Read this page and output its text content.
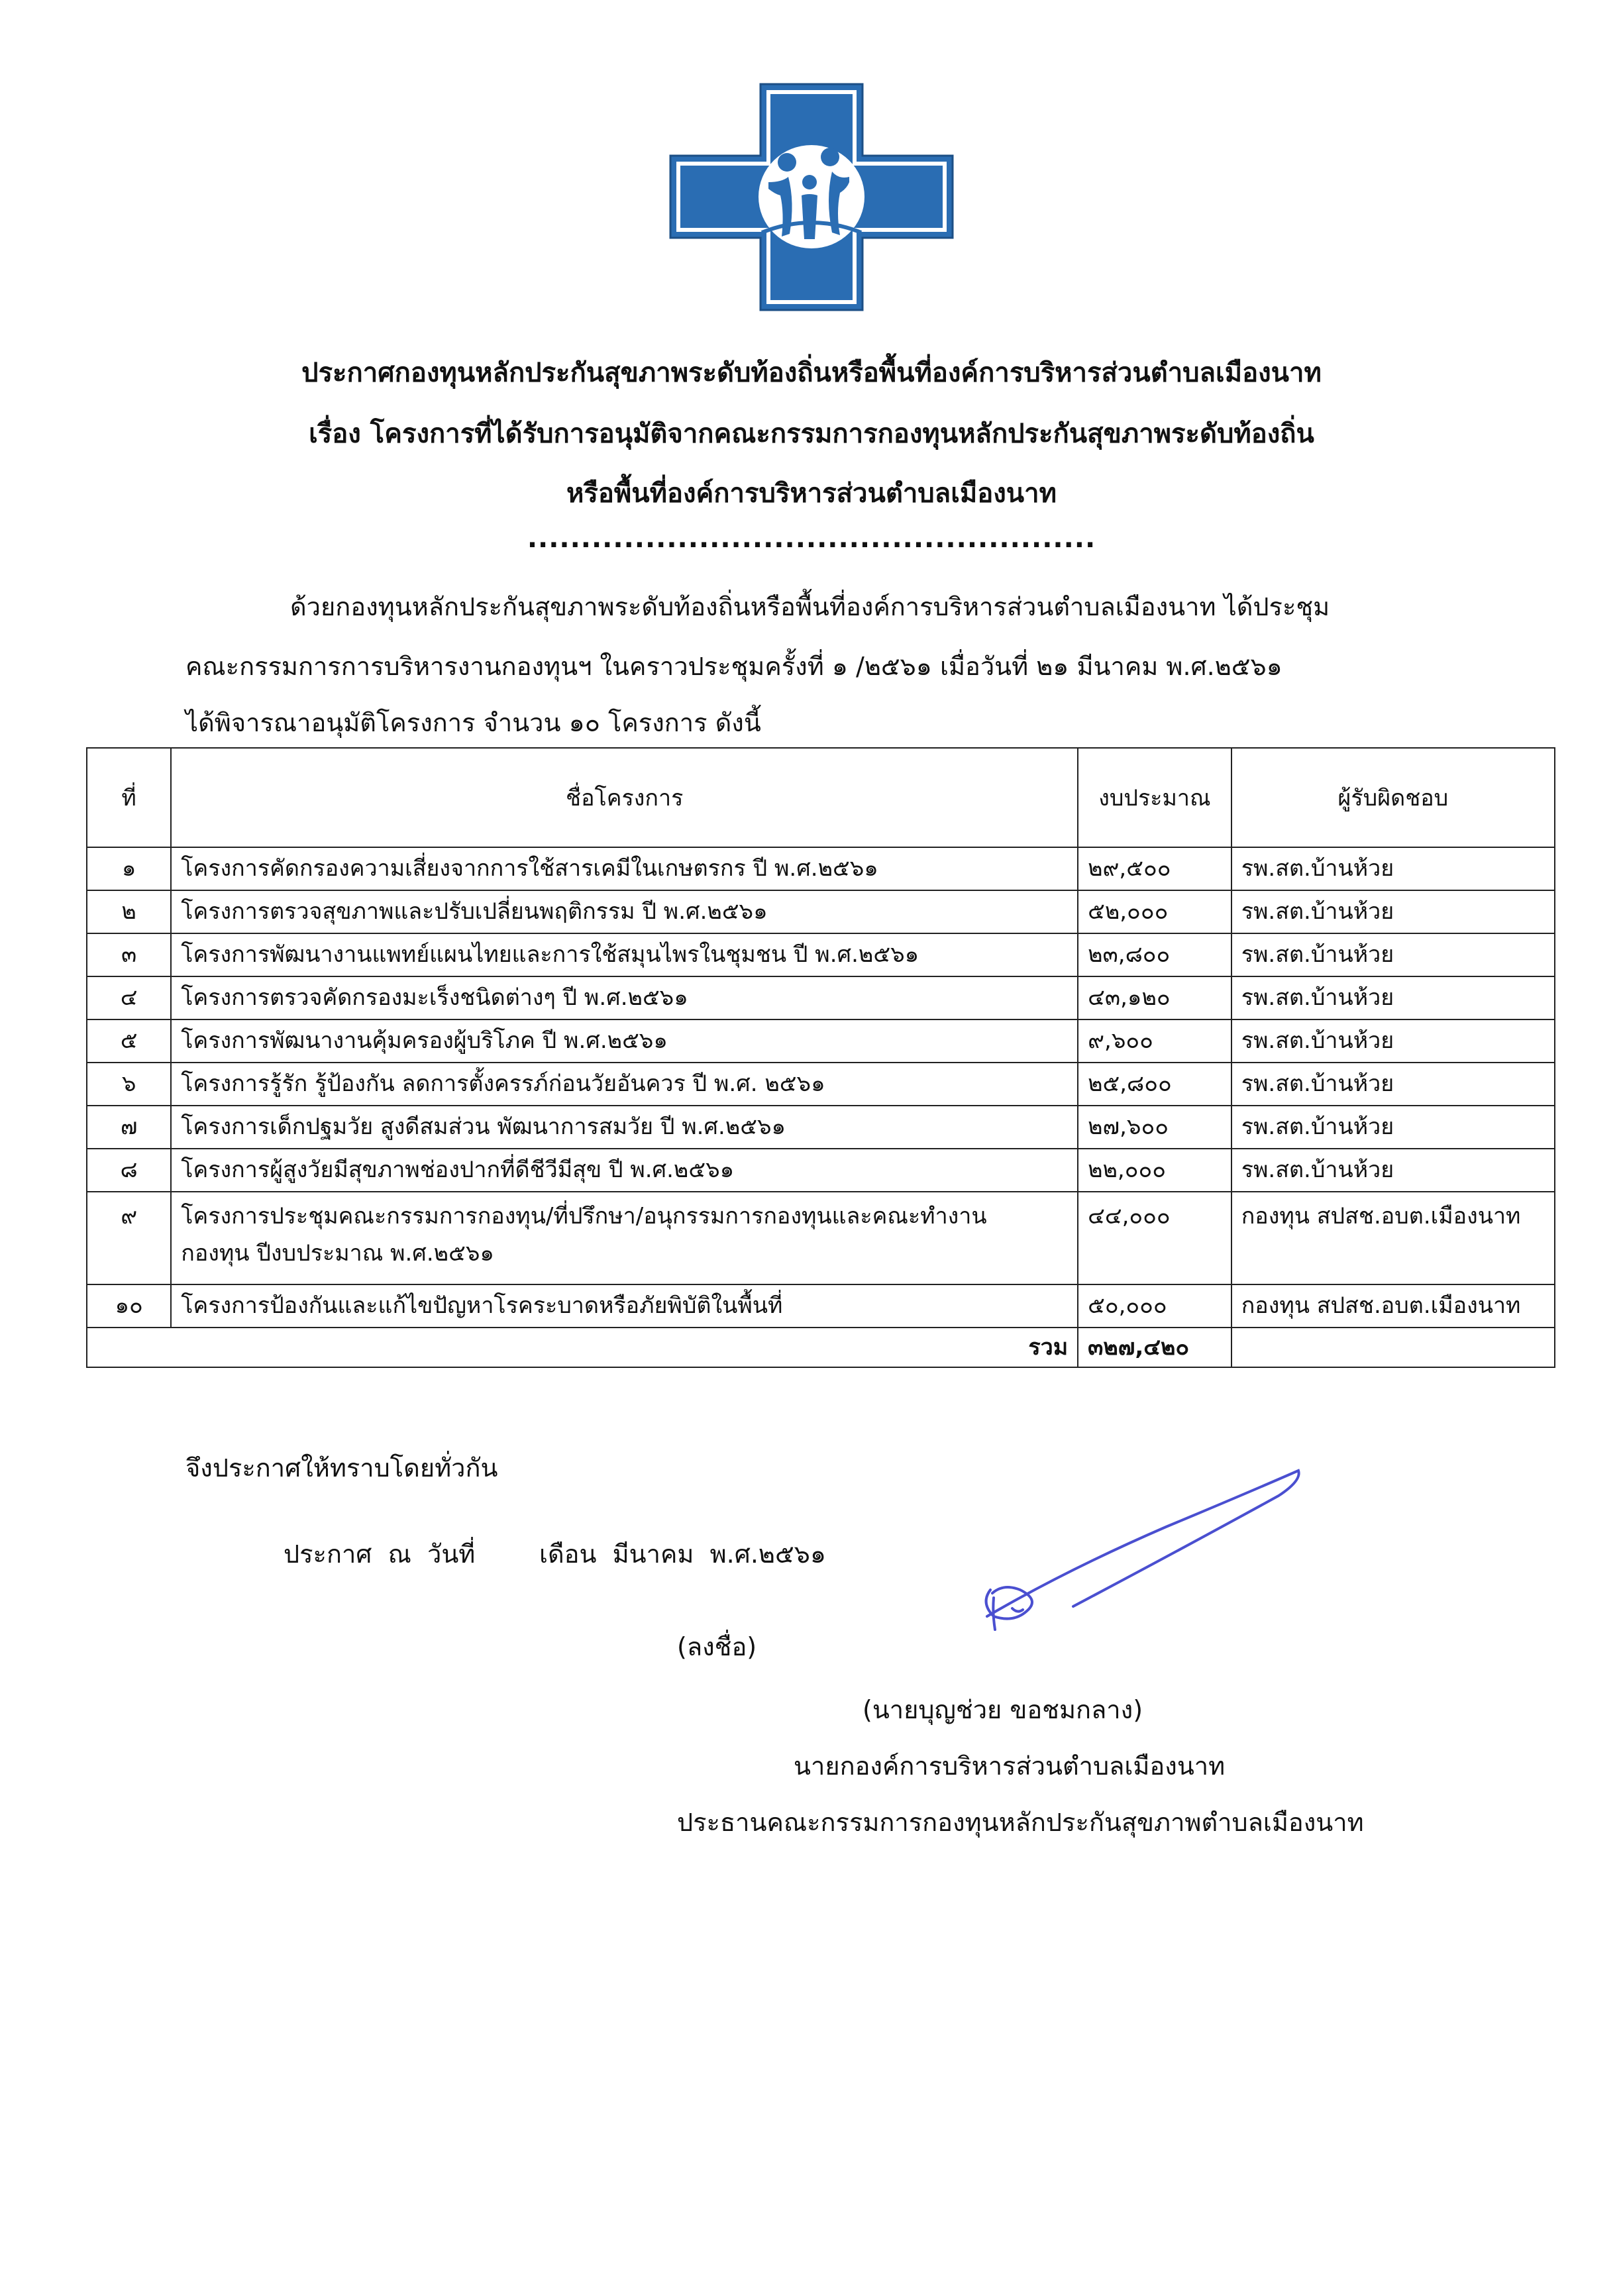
ประกาศกองทุนหลักประกันสุขภาพระดับท้องถิ่นหรือพื้นที่องค์การบริหารส่วนตำบลเมืองนาท
เรื่อง โครงการที่ได้รับการอนุมัติจากคณะกรรมการกองทุนหลักประกันสุขภาพระดับท้องถิ่น
หรือพื้นที่องค์การบริหารส่วนตำบลเมืองนาท
.....................................................
ด้วยกองทุนหลักประกันสุขภาพระดับท้องถิ่นหรือพื้นที่องค์การบริหารส่วนตำบลเมืองนาท ได้ประชุม
คณะกรรมการการบริหารงานกองทุนฯ ในคราวประชุมครั้งที่ ๑ /๒๕๖๑ เมื่อวันที่ ๒๑ มีนาคม พ.ศ.๒๕๖๑
ได้พิจารณาอนุมัติโครงการ จำนวน ๑๐ โครงการ ดังนี้
ที่	ชื่อโครงการ	งบประมาณ	ผู้รับผิดชอบ
๑	โครงการคัดกรองความเสี่ยงจากการใช้สารเคมีในเกษตรกร ปี พ.ศ.๒๕๖๑	๒๙,๕๐๐	รพ.สต.บ้านห้วย
๒	โครงการตรวจสุขภาพและปรับเปลี่ยนพฤติกรรม ปี พ.ศ.๒๕๖๑	๕๒,๐๐๐	รพ.สต.บ้านห้วย
๓	โครงการพัฒนางานแพทย์แผนไทยและการใช้สมุนไพรในชุมชน ปี พ.ศ.๒๕๖๑	๒๓,๘๐๐	รพ.สต.บ้านห้วย
๔	โครงการตรวจคัดกรองมะเร็งชนิดต่างๆ ปี พ.ศ.๒๕๖๑	๔๓,๑๒๐	รพ.สต.บ้านห้วย
๕	โครงการพัฒนางานคุ้มครองผู้บริโภค ปี พ.ศ.๒๕๖๑	๙,๖๐๐	รพ.สต.บ้านห้วย
๖	โครงการรู้รัก รู้ป้องกัน ลดการตั้งครรภ์ก่อนวัยอันควร ปี พ.ศ. ๒๕๖๑	๒๕,๘๐๐	รพ.สต.บ้านห้วย
๗	โครงการเด็กปฐมวัย สูงดีสมส่วน พัฒนาการสมวัย ปี พ.ศ.๒๕๖๑	๒๗,๖๐๐	รพ.สต.บ้านห้วย
๘	โครงการผู้สูงวัยมีสุขภาพช่องปากที่ดีชีวีมีสุข ปี พ.ศ.๒๕๖๑	๒๒,๐๐๐	รพ.สต.บ้านห้วย
๙	โครงการประชุมคณะกรรมการกองทุน/ที่ปรึกษา/อนุกรรมการกองทุนและคณะทำงาน
กองทุน ปีงบประมาณ พ.ศ.๒๕๖๑	๔๔,๐๐๐	กองทุน สปสช.อบต.เมืองนาท
๑๐	โครงการป้องกันและแก้ไขปัญหาโรคระบาดหรือภัยพิบัติในพื้นที่	๕๐,๐๐๐	กองทุน สปสช.อบต.เมืองนาท
รวม		๓๒๗,๔๒๐	
จึงประกาศให้ทราบโดยทั่วกัน
ประกาศ  ณ  วันที่        เดือน  มีนาคม  พ.ศ.๒๕๖๑
(ลงชื่อ)
(นายบุญช่วย ขอชมกลาง)
นายกองค์การบริหารส่วนตำบลเมืองนาท
ประธานคณะกรรมการกองทุนหลักประกันสุขภาพตำบลเมืองนาท
